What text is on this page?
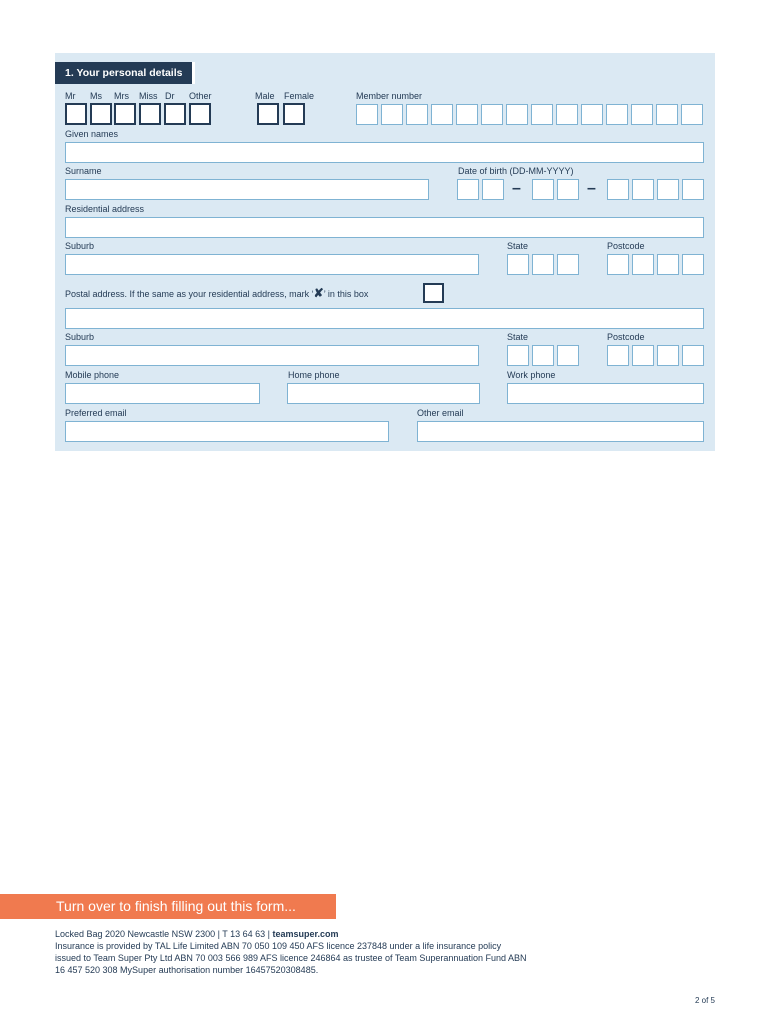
1. Your personal details
Mr Ms Mrs Miss Dr Other	Male Female	Member number
Given names
Surname	Date of birth (DD-MM-YYYY)
–	–
Residential address
Suburb	State	Postcode
Postal address. If the same as your residential address, mark ‘✘’ in this box
Suburb	State	Postcode
Mobile phone	Home phone	Work phone
Preferred email	Other email
Turn over to finish filling out this form...
Locked Bag 2020 Newcastle NSW 2300 | T 13 64 63 | teamsuper.com
Insurance is provided by TAL Life Limited ABN 70 050 109 450 AFS licence 237848 under a life insurance policy
issued to Team Super Pty Ltd ABN 70 003 566 989 AFS licence 246864 as trustee of Team Superannuation Fund ABN
16 457 520 308 MySuper authorisation number 16457520308485.
2 of 5
